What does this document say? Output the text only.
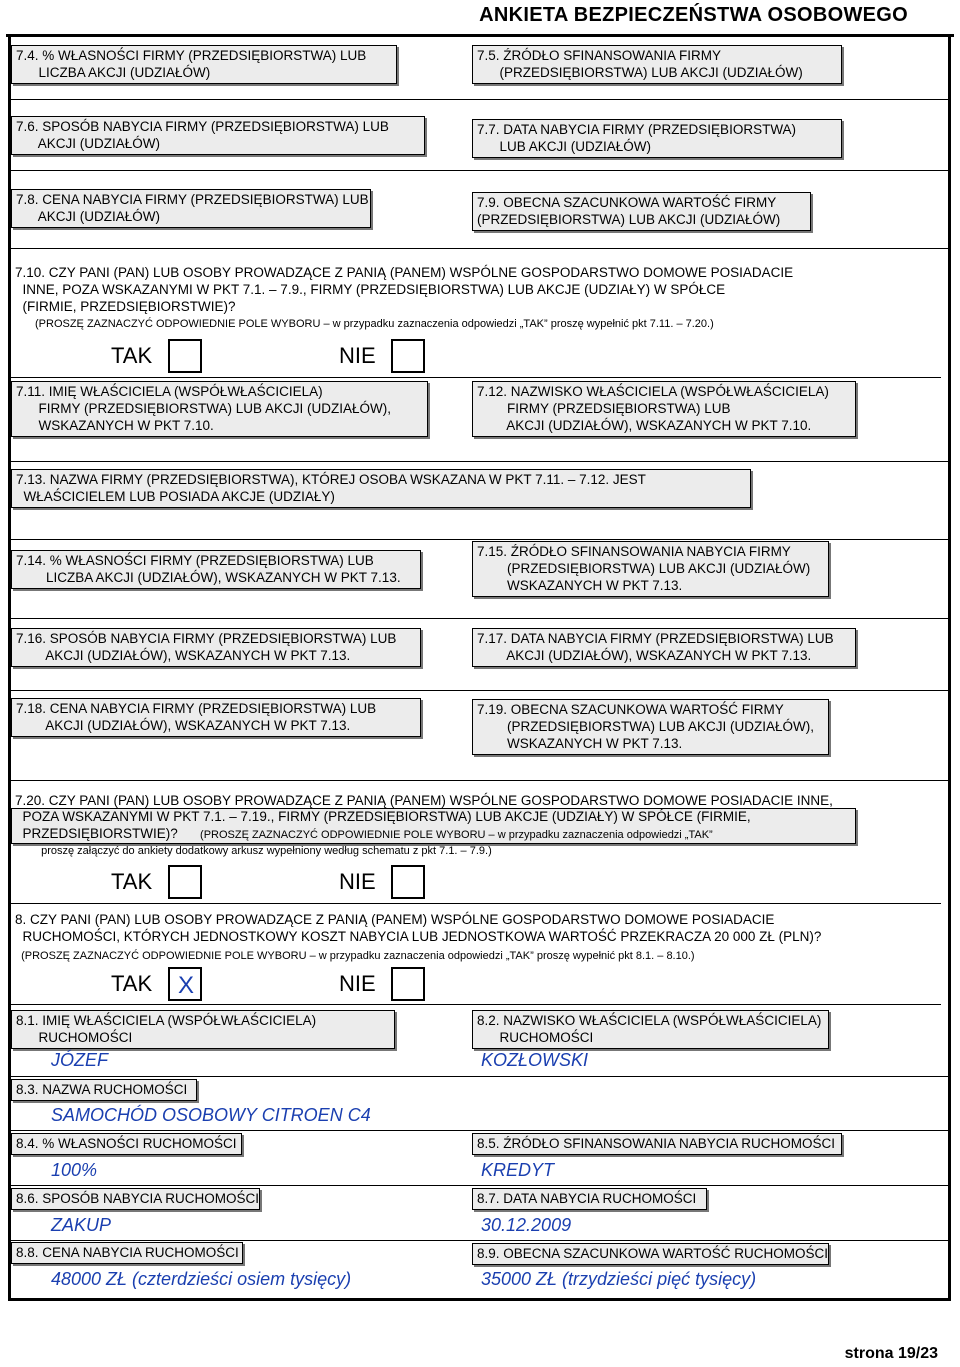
ANKIETA BEZPIECZEŃSTWA OSOBOWEGO
7.4. % WŁASNOŚCI FIRMY (PRZEDSIĘBIORSTWA) LUB
LICZBA AKCJI (UDZIAŁÓW)
7.5. ŹRÓDŁO SFINANSOWANIA FIRMY
(PRZEDSIĘBIORSTWA) LUB AKCJI (UDZIAŁÓW)
7.6. SPOSÓB NABYCIA FIRMY (PRZEDSIĘBIORSTWA) LUB
AKCJI (UDZIAŁÓW)
7.7. DATA NABYCIA FIRMY (PRZEDSIĘBIORSTWA)
LUB AKCJI (UDZIAŁÓW)
7.8. CENA NABYCIA FIRMY (PRZEDSIĘBIORSTWA) LUB
AKCJI (UDZIAŁÓW)
7.9. OBECNA SZACUNKOWA WARTOŚĆ FIRMY
(PRZEDSIĘBIORSTWA) LUB AKCJI (UDZIAŁÓW)
7.10. CZY PANI (PAN) LUB OSOBY PROWADZĄCE Z PANIĄ (PANEM) WSPÓLNE GOSPODARSTWO DOMOWE POSIADACIE
INNE, POZA WSKAZANYMI W PKT 7.1. – 7.9., FIRMY (PRZEDSIĘBIORSTWA) LUB AKCJE (UDZIAŁY) W SPÓŁCE
(FIRMIE, PRZEDSIĘBIORSTWIE)?
(PROSZĘ ZAZNACZYĆ ODPOWIEDNIE POLE WYBORU – w przypadku zaznaczenia odpowiedzi „TAK” proszę wypełnić pkt 7.11. – 7.20.)
TAK	NIE
7.11. IMIĘ WŁAŚCICIELA (WSPÓŁWŁAŚCICIELA)
FIRMY (PRZEDSIĘBIORSTWA) LUB AKCJI (UDZIAŁÓW),
WSKAZANYCH W PKT 7.10.
7.12. NAZWISKO WŁAŚCICIELA (WSPÓŁWŁAŚCICIELA)
FIRMY (PRZEDSIĘBIORSTWA) LUB
AKCJI (UDZIAŁÓW), WSKAZANYCH W PKT 7.10.
7.13. NAZWA FIRMY (PRZEDSIĘBIORSTWA), KTÓREJ OSOBA WSKAZANA W PKT 7.11. – 7.12. JEST
WŁAŚCICIELEM LUB POSIADA AKCJE (UDZIAŁY)
7.14. % WŁASNOŚCI FIRMY (PRZEDSIĘBIORSTWA) LUB
LICZBA AKCJI (UDZIAŁÓW), WSKAZANYCH W PKT 7.13.
7.15. ŹRÓDŁO SFINANSOWANIA NABYCIA FIRMY
(PRZEDSIĘBIORSTWA) LUB AKCJI (UDZIAŁÓW)
WSKAZANYCH W PKT 7.13.
7.16. SPOSÓB NABYCIA FIRMY (PRZEDSIĘBIORSTWA) LUB
AKCJI (UDZIAŁÓW), WSKAZANYCH W PKT 7.13.
7.17. DATA NABYCIA FIRMY (PRZEDSIĘBIORSTWA) LUB
AKCJI (UDZIAŁÓW), WSKAZANYCH W PKT 7.13.
7.18. CENA NABYCIA FIRMY (PRZEDSIĘBIORSTWA) LUB
AKCJI (UDZIAŁÓW), WSKAZANYCH W PKT 7.13.
7.19. OBECNA SZACUNKOWA WARTOŚĆ FIRMY
(PRZEDSIĘBIORSTWA) LUB AKCJI (UDZIAŁÓW),
WSKAZANYCH W PKT 7.13.
7.20. CZY PANI (PAN) LUB OSOBY PROWADZĄCE Z PANIĄ (PANEM) WSPÓLNE GOSPODARSTWO DOMOWE POSIADACIE INNE,
POZA WSKAZANYMI W PKT 7.1. – 7.19., FIRMY (PRZEDSIĘBIORSTWA) LUB AKCJE (UDZIAŁY) W SPÓŁCE (FIRMIE,
PRZEDSIĘBIORSTWIE)? (PROSZĘ ZAZNACZYĆ ODPOWIEDNIE POLE WYBORU – w przypadku zaznaczenia odpowiedzi „TAK”
proszę załączyć do ankiety dodatkowy arkusz wypełniony według schematu z pkt 7.1. – 7.9.)
TAK	NIE
8. CZY PANI (PAN) LUB OSOBY PROWADZĄCE Z PANIĄ (PANEM) WSPÓLNE GOSPODARSTWO DOMOWE POSIADACIE
RUCHOMOŚCI, KTÓRYCH JEDNOSTKOWY KOSZT NABYCIA LUB JEDNOSTKOWA WARTOŚĆ PRZEKRACZA 20 000 ZŁ (PLN)?
(PROSZĘ ZAZNACZYĆ ODPOWIEDNIE POLE WYBORU – w przypadku zaznaczenia odpowiedzi „TAK” proszę wypełnić pkt 8.1. – 8.10.)
TAK X	NIE
8.1. IMIĘ WŁAŚCICIELA (WSPÓŁWŁAŚCICIELA)
RUCHOMOŚCI
JÓZEF
8.2. NAZWISKO WŁAŚCICIELA (WSPÓŁWŁAŚCICIELA)
RUCHOMOŚCI
KOZŁOWSKI
8.3. NAZWA RUCHOMOŚCI
SAMOCHÓD OSOBOWY CITROEN C4
8.4. % WŁASNOŚCI RUCHOMOŚCI
100%
8.5. ŹRÓDŁO SFINANSOWANIA NABYCIA RUCHOMOŚCI
KREDYT
8.6. SPOSÓB NABYCIA RUCHOMOŚCI
ZAKUP
8.7. DATA NABYCIA RUCHOMOŚCI
30.12.2009
8.8. CENA NABYCIA RUCHOMOŚCI
48000 ZŁ (czterdzieści osiem tysięcy)
8.9. OBECNA SZACUNKOWA WARTOŚĆ RUCHOMOŚCI
35000 ZŁ (trzydzieści pięć tysięcy)
strona 19/23
